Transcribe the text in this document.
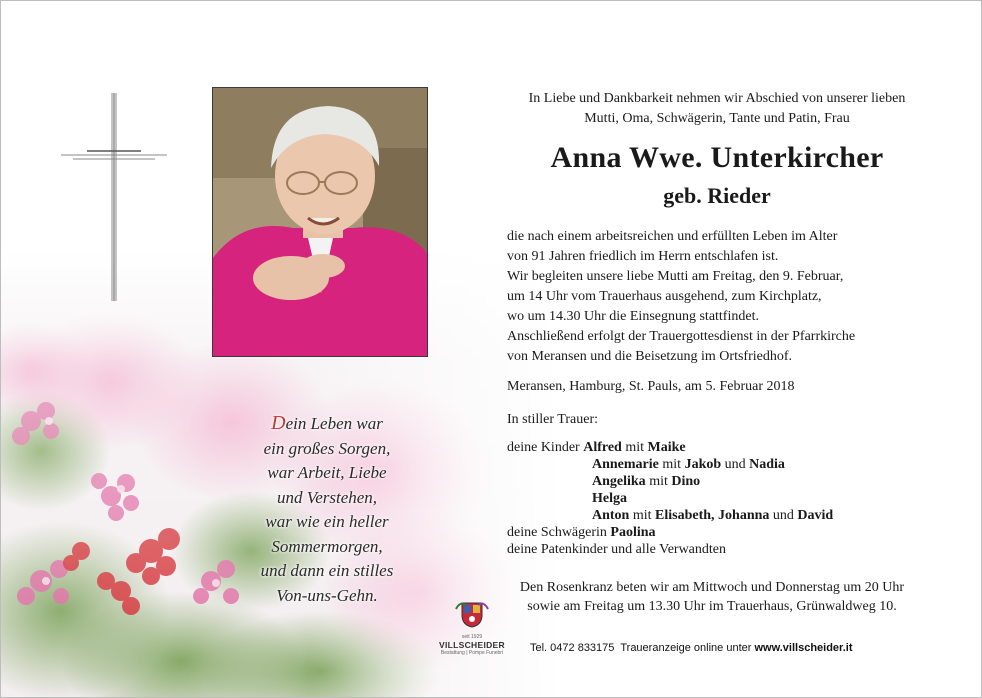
Dein Leben war
ein großes Sorgen,
war Arbeit, Liebe
und Verstehen,
war wie ein heller
Sommermorgen,
und dann ein stilles
Von-uns-Gehn.
In Liebe und Dankbarkeit nehmen wir Abschied von unserer lieben
Mutti, Oma, Schwägerin, Tante und Patin, Frau
Anna Wwe. Unterkircher
geb. Rieder
die nach einem arbeitsreichen und erfüllten Leben im Alter
von 91 Jahren friedlich im Herrn entschlafen ist.
Wir begleiten unsere liebe Mutti am Freitag, den 9. Februar,
um 14 Uhr vom Trauerhaus ausgehend, zum Kirchplatz,
wo um 14.30 Uhr die Einsegnung stattfindet.
Anschließend erfolgt der Trauergottesdienst in der Pfarrkirche
von Meransen und die Beisetzung im Ortsfriedhof.
Meransen, Hamburg, St. Pauls, am 5. Februar 2018
In stiller Trauer:
deine Kinder Alfred mit Maike
Annemarie mit Jakob und Nadia
Angelika mit Dino
Helga
Anton mit Elisabeth, Johanna und David
deine Schwägerin Paolina
deine Patenkinder und alle Verwandten
Den Rosenkranz beten wir am Mittwoch und Donnerstag um 20 Uhr
sowie am Freitag um 13.30 Uhr im Trauerhaus, Grünwaldweg 10.
seit 1929
VILLSCHEIDER
Bestattung | Pompe Funebri	Tel. 0472 833175 Traueranzeige online unter www.villscheider.it
